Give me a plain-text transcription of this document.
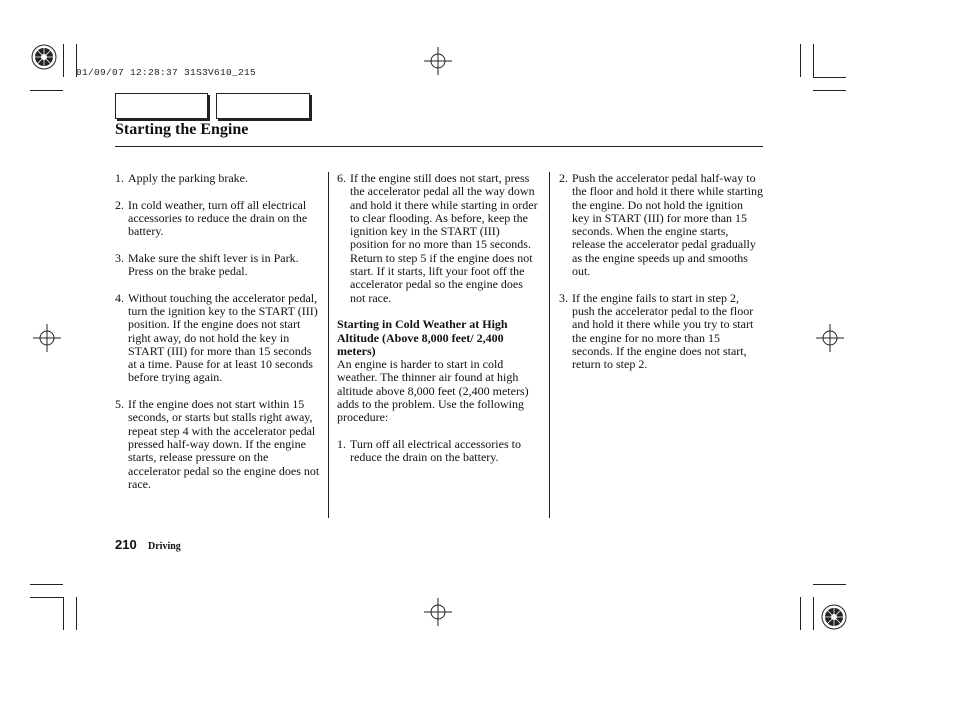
01/09/07 12:28:37 31S3V610_215
Starting the Engine
1. Apply the parking brake.
2. In cold weather, turn off all electrical accessories to reduce the drain on the battery.
3. Make sure the shift lever is in Park. Press on the brake pedal.
4. Without touching the accelerator pedal, turn the ignition key to the START (III) position. If the engine does not start right away, do not hold the key in START (III) for more than 15 seconds at a time. Pause for at least 10 seconds before trying again.
5. If the engine does not start within 15 seconds, or starts but stalls right away, repeat step 4 with the accelerator pedal pressed half-way down. If the engine starts, release pressure on the accelerator pedal so the engine does not race.
6. If the engine still does not start, press the accelerator pedal all the way down and hold it there while starting in order to clear flooding. As before, keep the ignition key in the START (III) position for no more than 15 seconds. Return to step 5 if the engine does not start. If it starts, lift your foot off the accelerator pedal so the engine does not race.
Starting in Cold Weather at High Altitude (Above 8,000 feet/ 2,400 meters)
An engine is harder to start in cold weather. The thinner air found at high altitude above 8,000 feet (2,400 meters) adds to the problem. Use the following procedure:
1. Turn off all electrical accessories to reduce the drain on the battery.
2. Push the accelerator pedal half-way to the floor and hold it there while starting the engine. Do not hold the ignition key in START (III) for more than 15 seconds. When the engine starts, release the accelerator pedal gradually as the engine speeds up and smooths out.
3. If the engine fails to start in step 2, push the accelerator pedal to the floor and hold it there while you try to start the engine for no more than 15 seconds. If the engine does not start, return to step 2.
210 Driving
